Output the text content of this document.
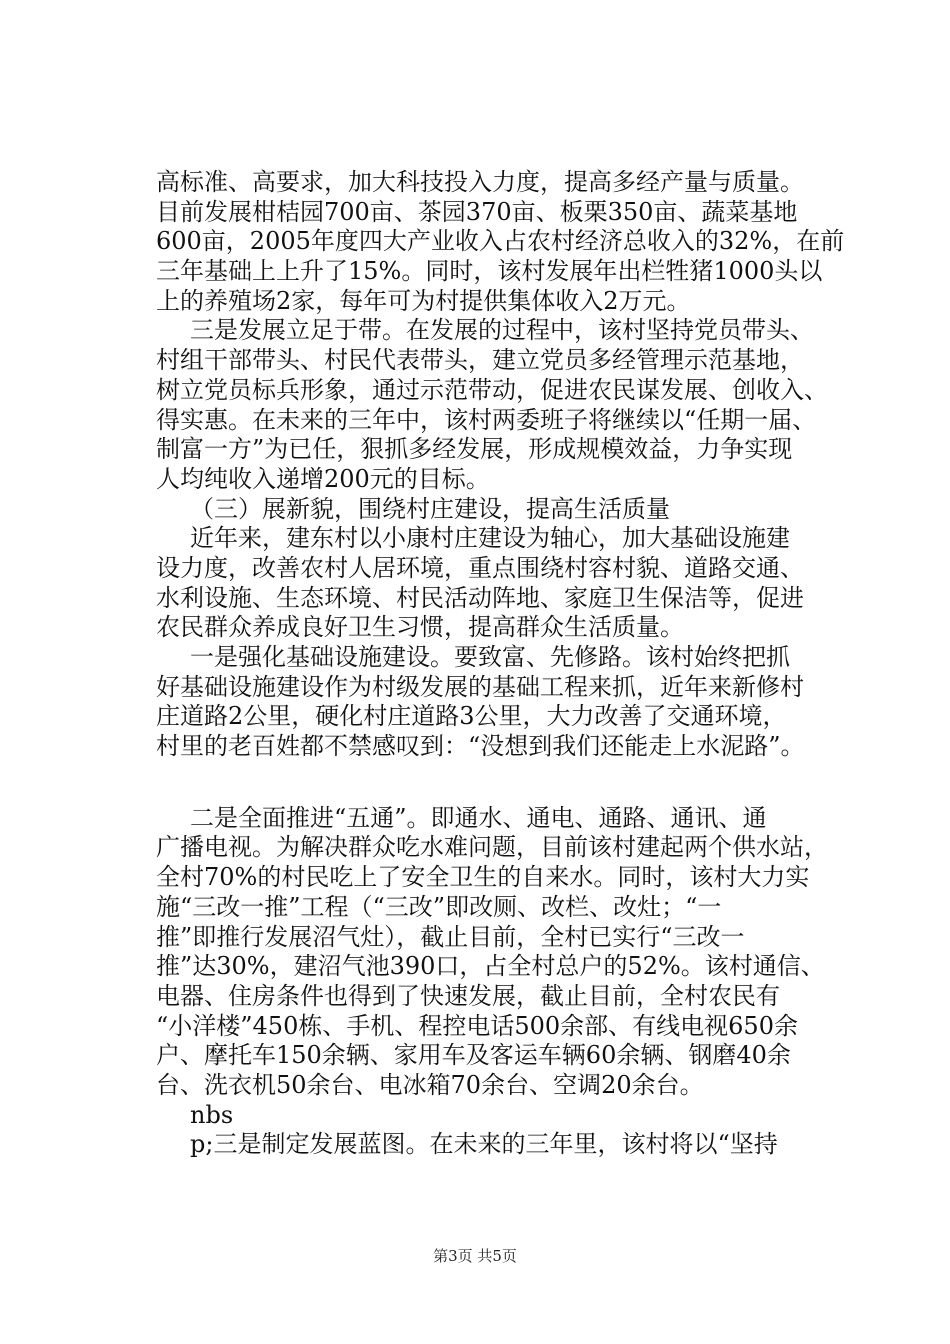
高标准、高要求，加大科技投入力度，提高多经产量与质量。
目前发展柑桔园700亩、茶园370亩、板栗350亩、蔬菜基地
600亩，2005年度四大产业收入占农村经济总收入的32%，在前
三年基础上上升了15%。同时，该村发展年出栏牲猪1000头以
上的养殖场2家，每年可为村提供集体收入2万元。
三是发展立足于带。在发展的过程中，该村坚持党员带头、
村组干部带头、村民代表带头，建立党员多经管理示范基地，
树立党员标兵形象，通过示范带动，促进农民谋发展、创收入、
得实惠。在未来的三年中，该村两委班子将继续以“任期一届、
制富一方”为已任，狠抓多经发展，形成规模效益，力争实现
人均纯收入递增200元的目标。
（三）展新貌，围绕村庄建设，提高生活质量
近年来，建东村以小康村庄建设为轴心，加大基础设施建
设力度，改善农村人居环境，重点围绕村容村貌、道路交通、
水利设施、生态环境、村民活动阵地、家庭卫生保洁等，促进
农民群众养成良好卫生习惯，提高群众生活质量。
一是强化基础设施建设。要致富、先修路。该村始终把抓
好基础设施建设作为村级发展的基础工程来抓，近年来新修村
庄道路2公里，硬化村庄道路3公里，大力改善了交通环境，
村里的老百姓都不禁感叹到：“没想到我们还能走上水泥路”。
二是全面推进“五通”。即通水、通电、通路、通讯、通
广播电视。为解决群众吃水难问题，目前该村建起两个供水站，
全村70%的村民吃上了安全卫生的自来水。同时，该村大力实
施“三改一推”工程（“三改”即改厕、改栏、改灶；“一
推”即推行发展沼气灶），截止目前，全村已实行“三改一
推”达30%，建沼气池390口，占全村总户的52%。该村通信、
电器、住房条件也得到了快速发展，截止目前，全村农民有
“小洋楼”450栋、手机、程控电话500余部、有线电视650余
户、摩托车150余辆、家用车及客运车辆60余辆、钢磨40余
台、洗衣机50余台、电冰箱70余台、空调20余台。
nbs
p;三是制定发展蓝图。在未来的三年里，该村将以“坚持
第3页 共5页
